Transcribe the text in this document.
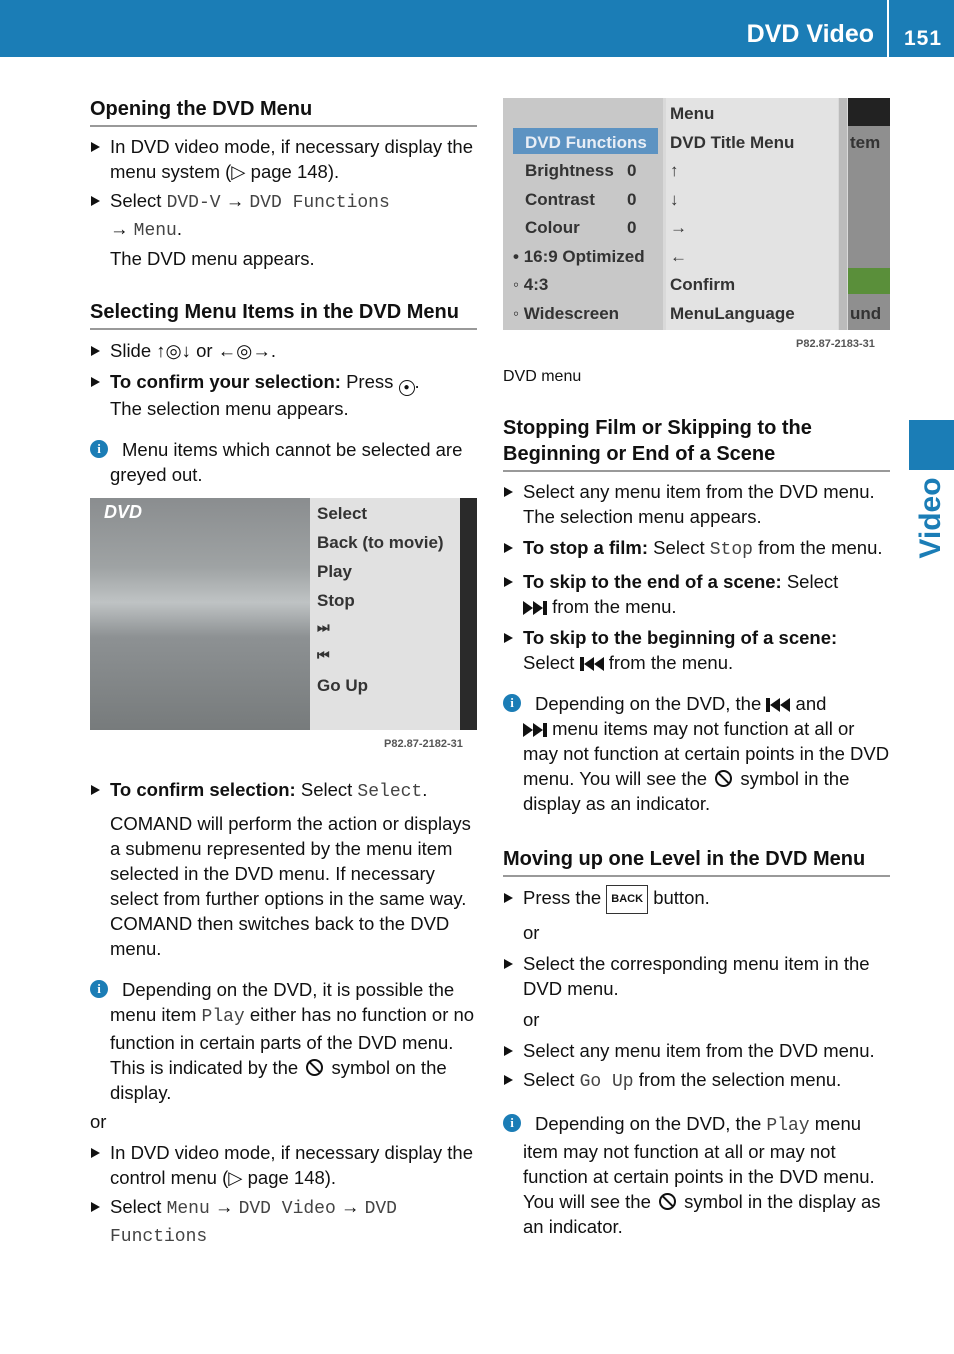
DVD Video	151
Video
Opening the DVD Menu
In DVD video mode, if necessary display the menu system (▷ page 148).
Select DVD-V → DVD Functions
→ Menu.
The DVD menu appears.
Selecting Menu Items in the DVD Menu
Slide ↑◎↓ or ←◎→.
To confirm your selection: Press ● .
The selection menu appears.
i	Menu items which cannot be selected are greyed out.
DVD	Select
Back (to movie)
Play
Stop
⏭
⏮
Go Up
P82.87-2182-31
To confirm selection: Select Select.
COMAND will perform the action or displays a submenu represented by the menu item selected in the DVD menu. If necessary select from further options in the same way.
COMAND then switches back to the DVD menu.
i	Depending on the DVD, it is possible the menu item Play either has no function or no function in certain parts of the DVD menu. This is indicated by the  symbol on the display.
or
In DVD video mode, if necessary display the control menu (▷ page 148).
Select Menu → DVD Video → DVD Functions
DVD Functions
Brightness 0
Contrast 0
Colour	0
• 16:9 Optimized
◦ 4:3
◦ Widescreen
Menu
DVD Title Menu
↑
↓
→
←
Confirm
MenuLanguage
tem
und
P82.87-2183-31
DVD menu
Stopping Film or Skipping to the Beginning or End of a Scene
Select any menu item from the DVD menu.
The selection menu appears.
To stop a film: Select Stop from the menu.
To skip to the end of a scene: Select
from the menu.
To skip to the beginning of a scene:
Select  from the menu.
i	Depending on the DVD, the  and
menu items may not function at all or may not function at certain points in the DVD menu. You will see the  symbol in the display as an indicator.
Moving up one Level in the DVD Menu
Press the BACK button.
or
Select the corresponding menu item in the DVD menu.
or
Select any menu item from the DVD menu.
Select Go Up from the selection menu.
i	Depending on the DVD, the Play menu item may not function at all or may not function at certain points in the DVD menu. You will see the  symbol in the display as an indicator.
